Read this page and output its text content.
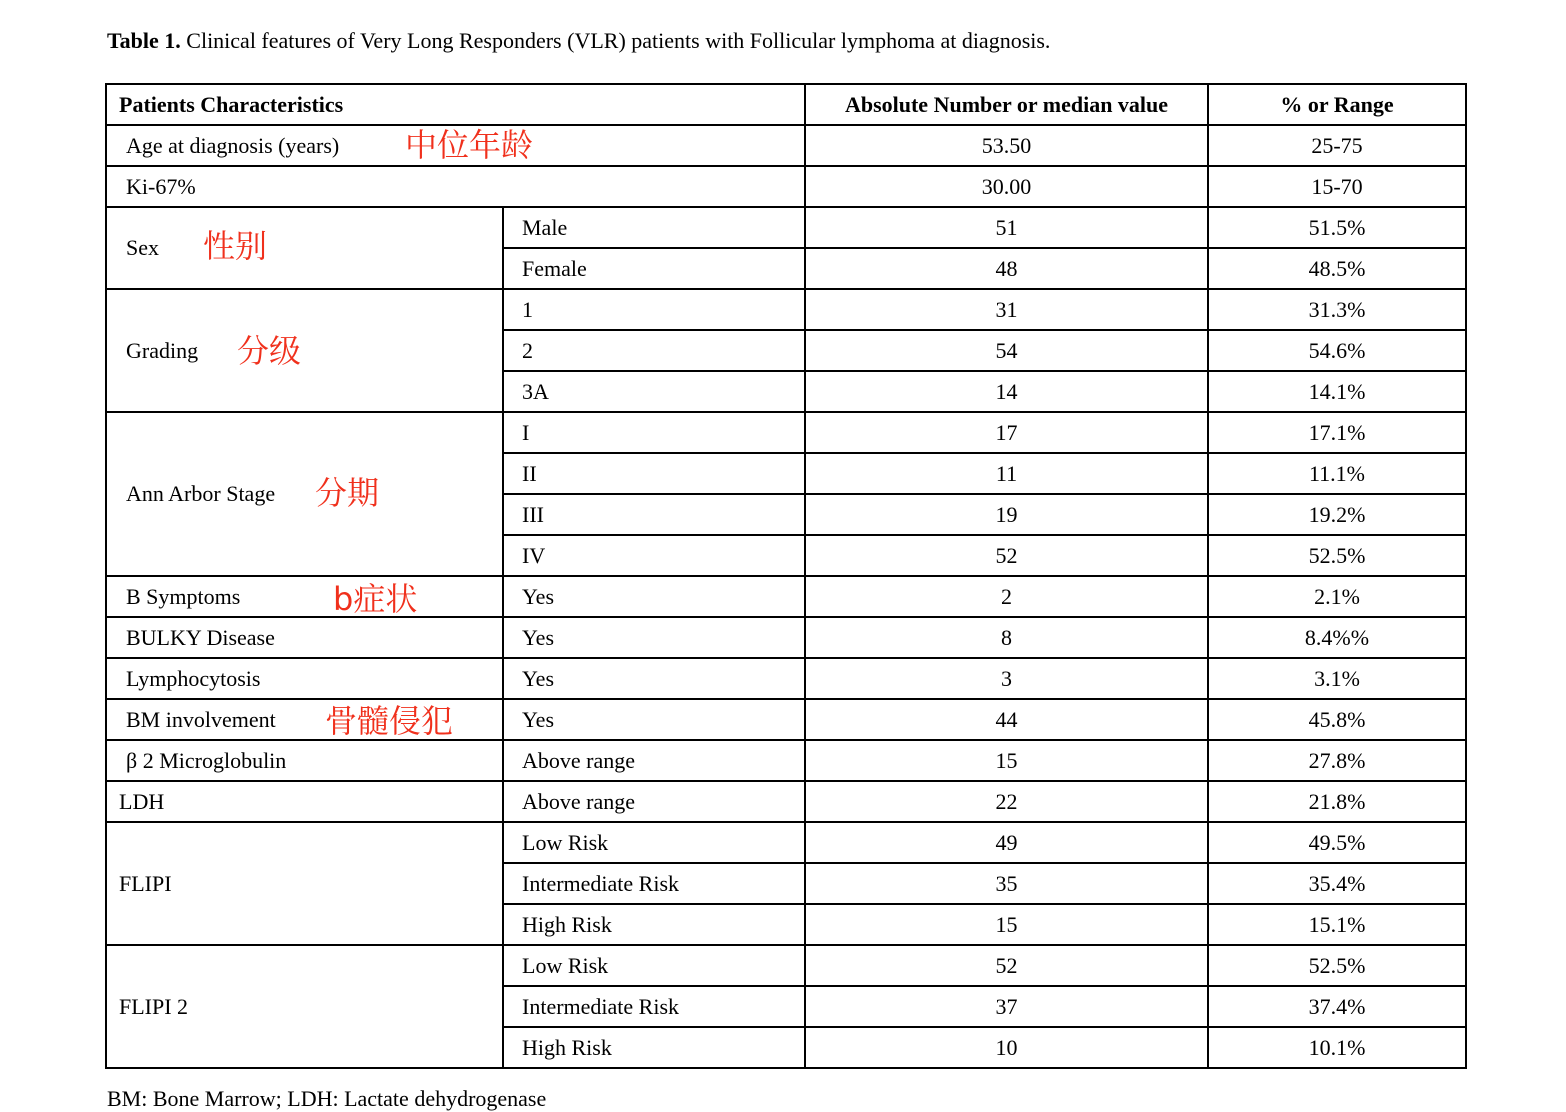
Table 1. Clinical features of Very Long Responders (VLR) patients with Follicular lymphoma at diagnosis.
Patients Characteristics		Absolute Number or median value	% or Range
Age at diagnosis (years)		53.50	25-75
Ki-67%		30.00	15-70
Sex	Male	51	51.5%
	Female	48	48.5%
Grading	1	31	31.3%
	2	54	54.6%
	3A	14	14.1%
Ann Arbor Stage	I	17	17.1%
	II	11	11.1%
	III	19	19.2%
	IV	52	52.5%
B Symptoms	Yes	2	2.1%
BULKY Disease	Yes	8	8.4%%
Lymphocytosis	Yes	3	3.1%
BM involvement	Yes	44	45.8%
β 2 Microglobulin	Above range	15	27.8%
LDH	Above range	22	21.8%
FLIPI	Low Risk	49	49.5%
	Intermediate Risk	35	35.4%
	High Risk	15	15.1%
FLIPI 2	Low Risk	52	52.5%
	Intermediate Risk	37	37.4%
	High Risk	10	10.1%
中位年龄
性别
分级
分期
b症状
骨髓侵犯
BM: Bone Marrow; LDH: Lactate dehydrogenase
